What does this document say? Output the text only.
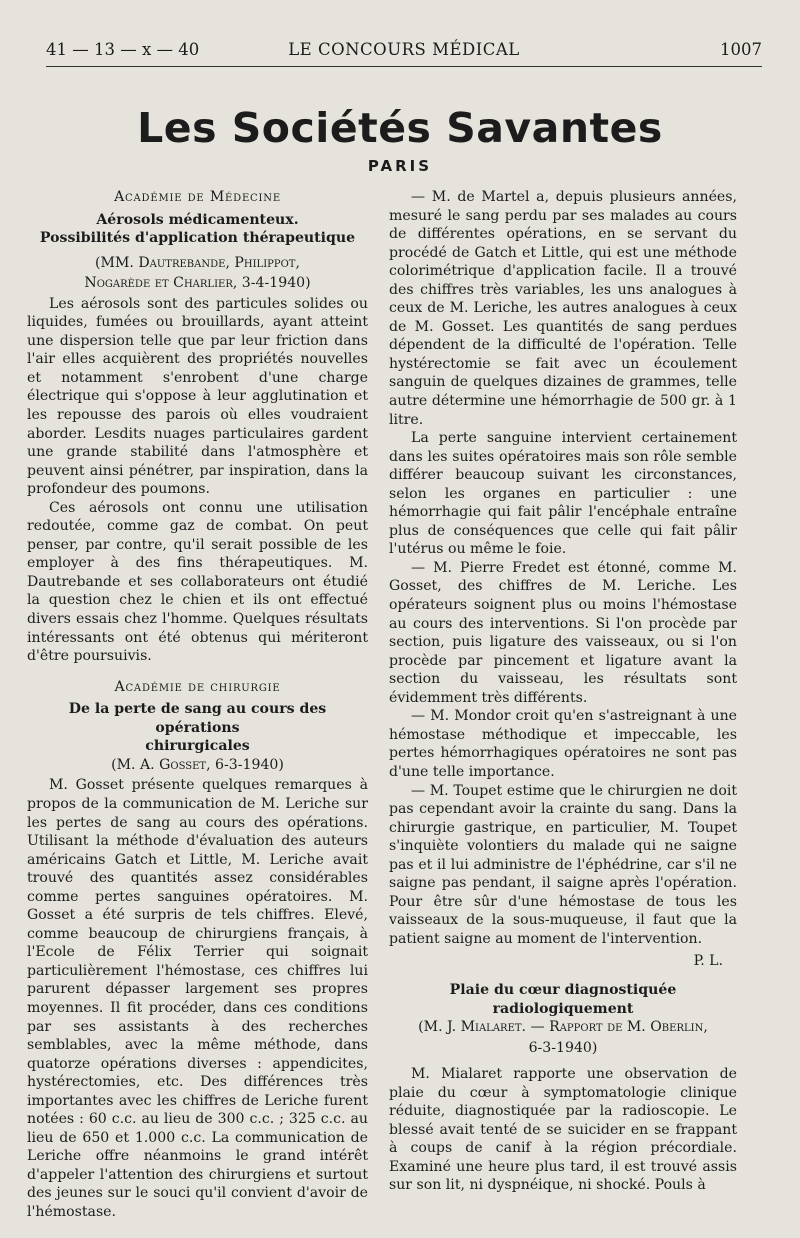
41 — 13 — x — 40	LE CONCOURS MÉDICAL	1007
Les Sociétés Savantes
PARIS
Académie de Médecine
Aérosols médicamenteux.
Possibilités d'application thérapeutique
(MM. Dautrebande, Philippot,
Nogarède et Charlier, 3-4-1940)

Les aérosols sont des particules solides ou liquides, fumées ou brouillards, ayant atteint une dispersion telle que par leur friction dans l'air elles acquièrent des propriétés nouvelles et notamment s'enrobent d'une charge électrique qui s'oppose à leur agglutination et les repousse des parois où elles voudraient aborder. Lesdits nuages particulaires gardent une grande stabilité dans l'atmosphère et peuvent ainsi pénétrer, par inspiration, dans la profondeur des poumons.

Ces aérosols ont connu une utilisation redoutée, comme gaz de combat. On peut penser, par contre, qu'il serait possible de les employer à des fins thérapeutiques. M. Dautrebande et ses collaborateurs ont étudié la question chez le chien et ils ont effectué divers essais chez l'homme. Quelques résultats intéressants ont été obtenus qui mériteront d'être poursuivis.

Académie de chirurgie
De la perte de sang au cours des opérations
chirurgicales
(M. A. Gosset, 6-3-1940)

M. Gosset présente quelques remarques à propos de la communication de M. Leriche sur les pertes de sang au cours des opérations. Utilisant la méthode d'évaluation des auteurs américains Gatch et Little, M. Leriche avait trouvé des quantités assez considérables comme pertes sanguines opératoires. M. Gosset a été surpris de tels chiffres. Elevé, comme beaucoup de chirurgiens français, à l'Ecole de Félix Terrier qui soignait particulièrement l'hémostase, ces chiffres lui parurent dépasser largement ses propres moyennes. Il fit procéder, dans ces conditions par ses assistants à des recherches semblables, avec la même méthode, dans quatorze opérations diverses : appendicites, hystérectomies, etc. Des différences très importantes avec les chiffres de Leriche furent notées : 60 c.c. au lieu de 300 c.c. ; 325 c.c. au lieu de 650 et 1.000 c.c. La communication de Leriche offre néanmoins le grand intérêt d'appeler l'attention des chirurgiens et surtout des jeunes sur le souci qu'il convient d'avoir de l'hémostase.

— M. de Martel a, depuis plusieurs années, mesuré le sang perdu par ses malades au cours de différentes opérations, en se servant du procédé de Gatch et Little, qui est une méthode colorimétrique d'application facile. Il a trouvé des chiffres très variables, les uns analogues à ceux de M. Leriche, les autres analogues à ceux de M. Gosset. Les quantités de sang perdues dépendent de la difficulté de l'opération. Telle hystérectomie se fait avec un écoulement sanguin de quelques dizaines de grammes, telle autre détermine une hémorrhagie de 500 gr. à 1 litre.

La perte sanguine intervient certainement dans les suites opératoires mais son rôle semble différer beaucoup suivant les circonstances, selon les organes en particulier : une hémorrhagie qui fait pâlir l'encéphale entraîne plus de conséquences que celle qui fait pâlir l'utérus ou même le foie.

— M. Pierre Fredet est étonné, comme M. Gosset, des chiffres de M. Leriche. Les opérateurs soignent plus ou moins l'hémostase au cours des interventions. Si l'on procède par section, puis ligature des vaisseaux, ou si l'on procède par pincement et ligature avant la section du vaisseau, les résultats sont évidemment très différents.

— M. Mondor croit qu'en s'astreignant à une hémostase méthodique et impeccable, les pertes hémorrhagiques opératoires ne sont pas d'une telle importance.

— M. Toupet estime que le chirurgien ne doit pas cependant avoir la crainte du sang. Dans la chirurgie gastrique, en particulier, M. Toupet s'inquiète volontiers du malade qui ne saigne pas et il lui administre de l'éphédrine, car s'il ne saigne pas pendant, il saigne après l'opération. Pour être sûr d'une hémostase de tous les vaisseaux de la sous-muqueuse, il faut que la patient saigne au moment de l'intervention.

P. L.
Plaie du cœur diagnostiquée radiologiquement
(M. J. Mialaret. — Rapport de M. Oberlin,
6-3-1940)

M. Mialaret rapporte une observation de plaie du cœur à symptomatologie clinique réduite, diagnostiquée par la radioscopie. Le blessé avait tenté de se suicider en se frappant à coups de canif à la région précordiale. Examiné une heure plus tard, il est trouvé assis sur son lit, ni dyspnéique, ni shocké. Pouls à
